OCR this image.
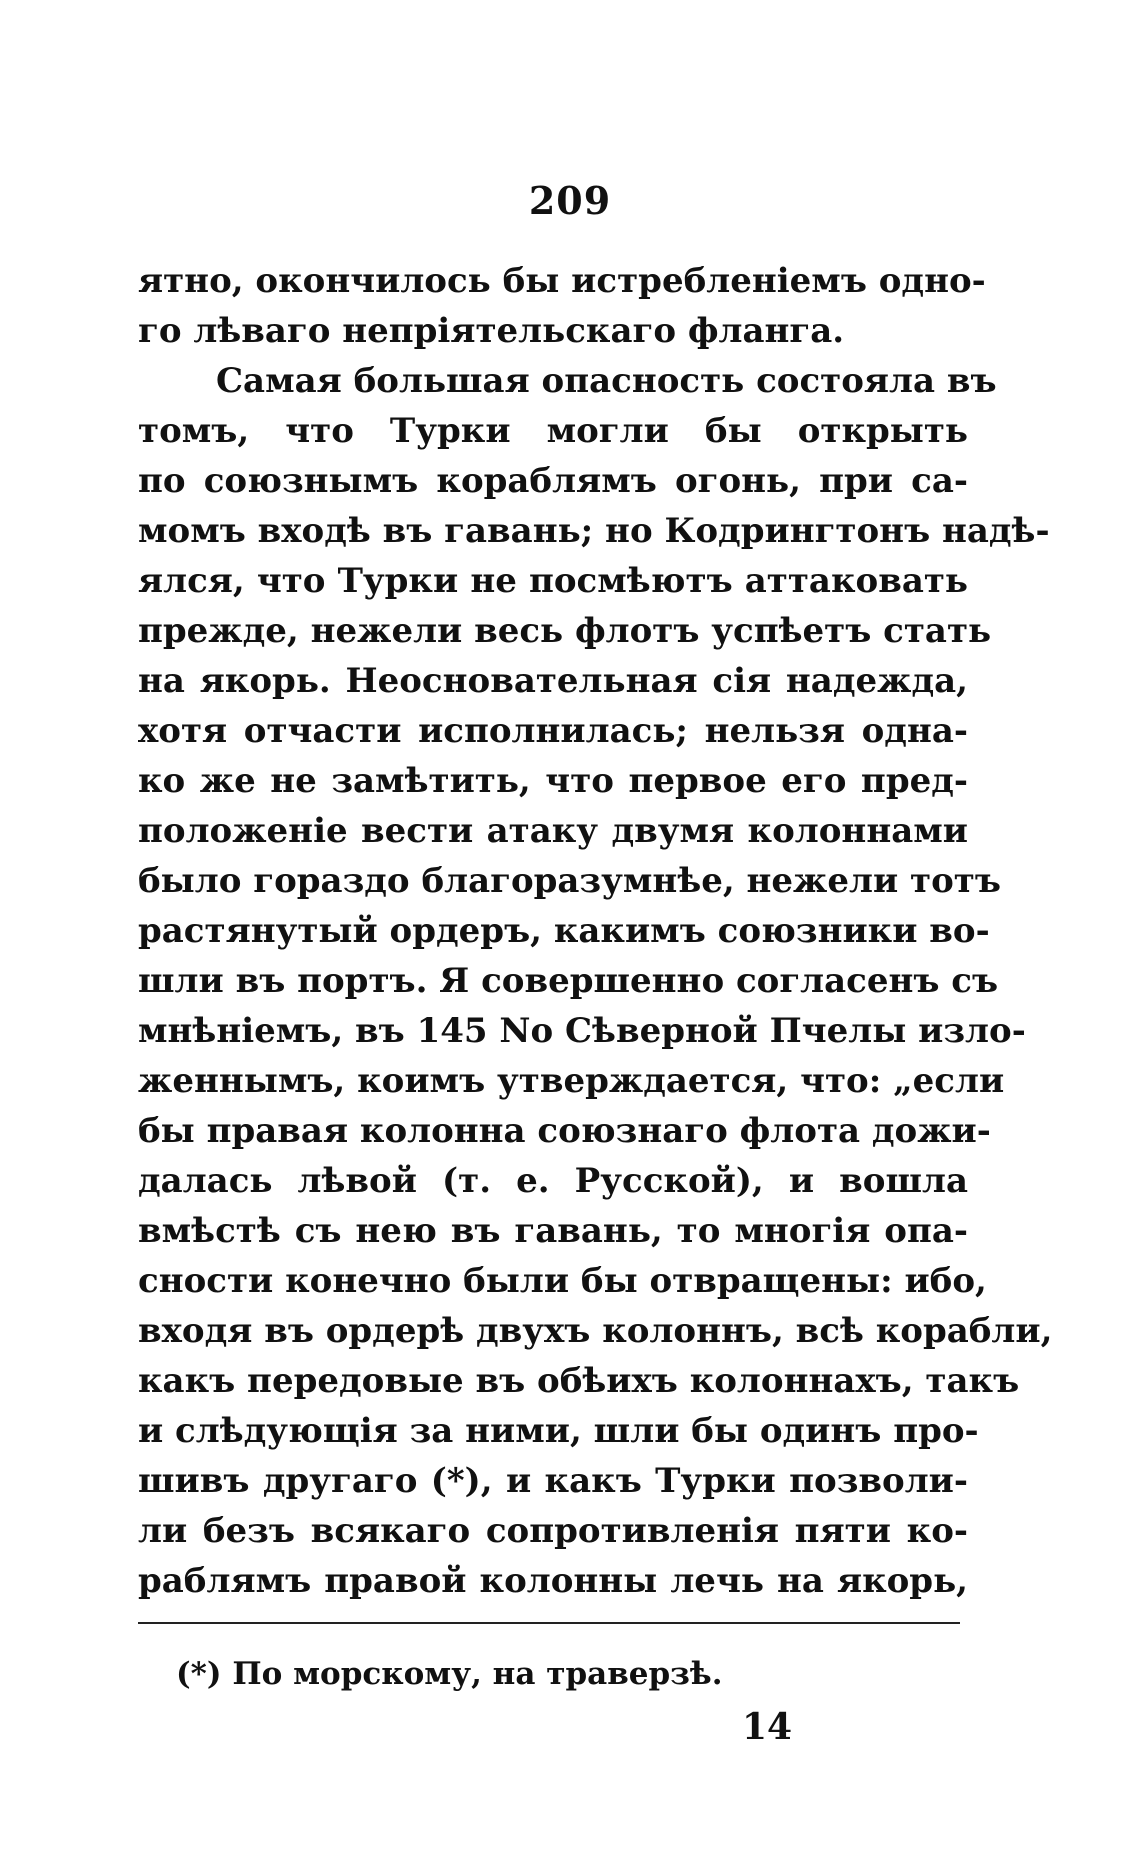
209
ятно, окончилось бы истребленіемъ одно-
го лѣваго непріятельскаго фланга.
Самая большая опасность состояла въ
томъ, что Турки могли бы открыть
по союзнымъ кораблямъ огонь, при са-
момъ входѣ въ гавань; но Кодрингтонъ надѣ-
ялся, что Турки не посмѣютъ аттаковать
прежде, нежели весь флотъ успѣетъ стать
на якорь. Неосновательная сія надежда,
хотя отчасти исполнилась; нельзя одна-
ко же не замѣтить, что первое его пред-
положеніе вести атаку двумя колоннами
было гораздо благоразумнѣе, нежели тотъ
растянутый ордеръ, какимъ союзники во-
шли въ портъ. Я совершенно согласенъ съ
мнѣніемъ, въ 145 No Сѣверной Пчелы изло-
женнымъ, коимъ утверждается, что: „если
бы правая колонна союзнаго флота дожи-
далась лѣвой (т. е. Русской), и вошла
вмѣстѣ съ нею въ гавань, то многія опа-
сности конечно были бы отвращены: ибо,
входя въ ордерѣ двухъ колоннъ, всѣ корабли,
какъ передовые въ обѣихъ колоннахъ, такъ
и слѣдующія за ними, шли бы одинъ про-
шивъ другаго (*), и какъ Турки позволи-
ли безъ всякаго сопротивленія пяти ко-
раблямъ правой колонны лечь на якорь,
(*) По морскому, на траверзѣ.
14
